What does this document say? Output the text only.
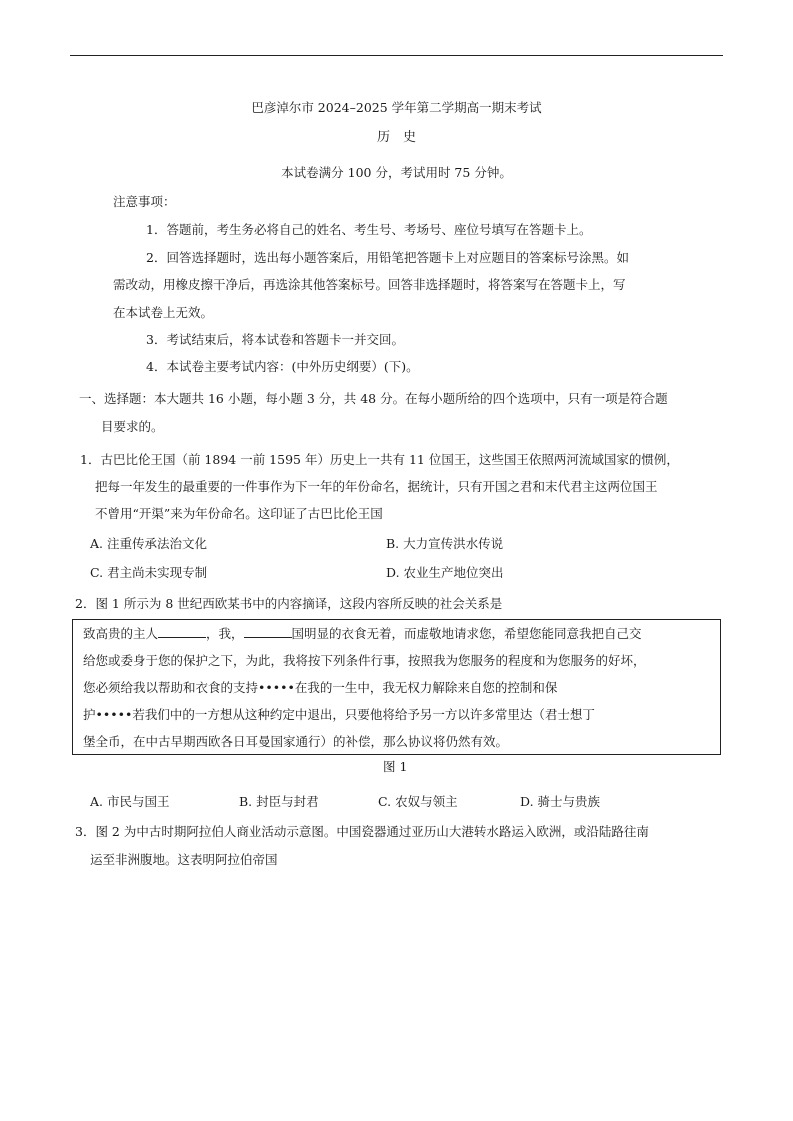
巴彦淖尔市 2024–2025 学年第二学期高一期末考试
历　史
本试卷满分 100 分，考试用时 75 分钟。
注意事项：
1．答题前，考生务必将自己的姓名、考生号、考场号、座位号填写在答题卡上。
2．回答选择题时，选出每小题答案后，用铅笔把答题卡上对应题目的答案标号涂黑。如
需改动，用橡皮擦干净后，再选涂其他答案标号。回答非选择题时，将答案写在答题卡上，写
在本试卷上无效。
3．考试结束后，将本试卷和答题卡一并交回。
4．本试卷主要考试内容：(中外历史纲要）(下)。
一、选择题：本大题共 16 小题，每小题 3 分，共 48 分。在每小题所给的四个选项中，只有一项是符合题
目要求的。
1．古巴比伦王国（前 1894 一前 1595 年）历史上一共有 11 位国王，这些国王依照两河流域国家的惯例，
把每一年发生的最重要的一件事作为下一年的年份命名，据统计，只有开国之君和末代君主这两位国王
不曾用“开渠”来为年份命名。这印证了古巴比伦王国
A. 注重传承法治文化	B. 大力宣传洪水传说
C. 君主尚未实现专制	D. 农业生产地位突出
2．图 1 所示为 8 世纪西欧某书中的内容摘译，这段内容所反映的社会关系是
致高贵的主人	，我，	国明显的衣食无着，而虚敬地请求您，希望您能同意我把自己交
给您或委身于您的保护之下，为此，我将按下列条件行事，按照我为您服务的程度和为您服务的好坏，
您必须给我以帮助和衣食的支持•••••在我的一生中，我无权力解除来自您的控制和保
护•••••若我们中的一方想从这种约定中退出，只要他将给予另一方以许多常里达（君士想丁
堡全币，在中古早期西欧各日耳曼国家通行）的补偿，那么协议将仍然有效。
图 1
A. 市民与国王	B. 封臣与封君	C. 农奴与领主	D. 骑士与贵族
3．图 2 为中古时期阿拉伯人商业活动示意图。中国瓷器通过亚历山大港转水路运入欧洲，或沿陆路往南
运至非洲腹地。这表明阿拉伯帝国
